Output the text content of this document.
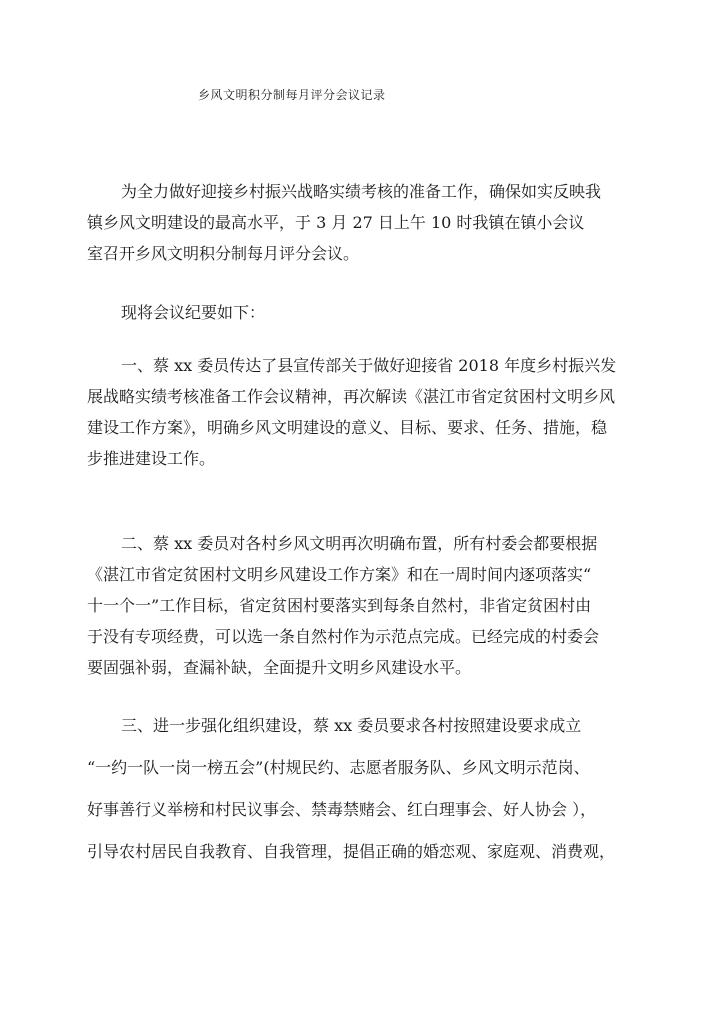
乡风文明积分制每月评分会议记录

为全力做好迎接乡村振兴战略实绩考核的准备工作，确保如实反映我
镇乡风文明建设的最高水平，于 3 月 27 日上午 10 时我镇在镇小会议
室召开乡风文明积分制每月评分会议。

现将会议纪要如下：

一、蔡 xx 委员传达了县宣传部关于做好迎接省 2018 年度乡村振兴发
展战略实绩考核准备工作会议精神，再次解读《湛江市省定贫困村文明乡风
建设工作方案》，明确乡风文明建设的意义、目标、要求、任务、措施，稳
步推进建设工作。

二、蔡 xx 委员对各村乡风文明再次明确布置，所有村委会都要根据
《湛江市省定贫困村文明乡风建设工作方案》和在一周时间内逐项落实“
十一个一”工作目标，省定贫困村要落实到每条自然村，非省定贫困村由
于没有专项经费，可以选一条自然村作为示范点完成。已经完成的村委会
要固强补弱，查漏补缺，全面提升文明乡风建设水平。

三、进一步强化组织建设，蔡 xx 委员要求各村按照建设要求成立
“一约一队一岗一榜五会”(村规民约、志愿者服务队、乡风文明示范岗、
好事善行义举榜和村民议事会、禁毒禁赌会、红白理事会、好人协会 ），
引导农村居民自我教育、自我管理，提倡正确的婚恋观、家庭观、消费观，
